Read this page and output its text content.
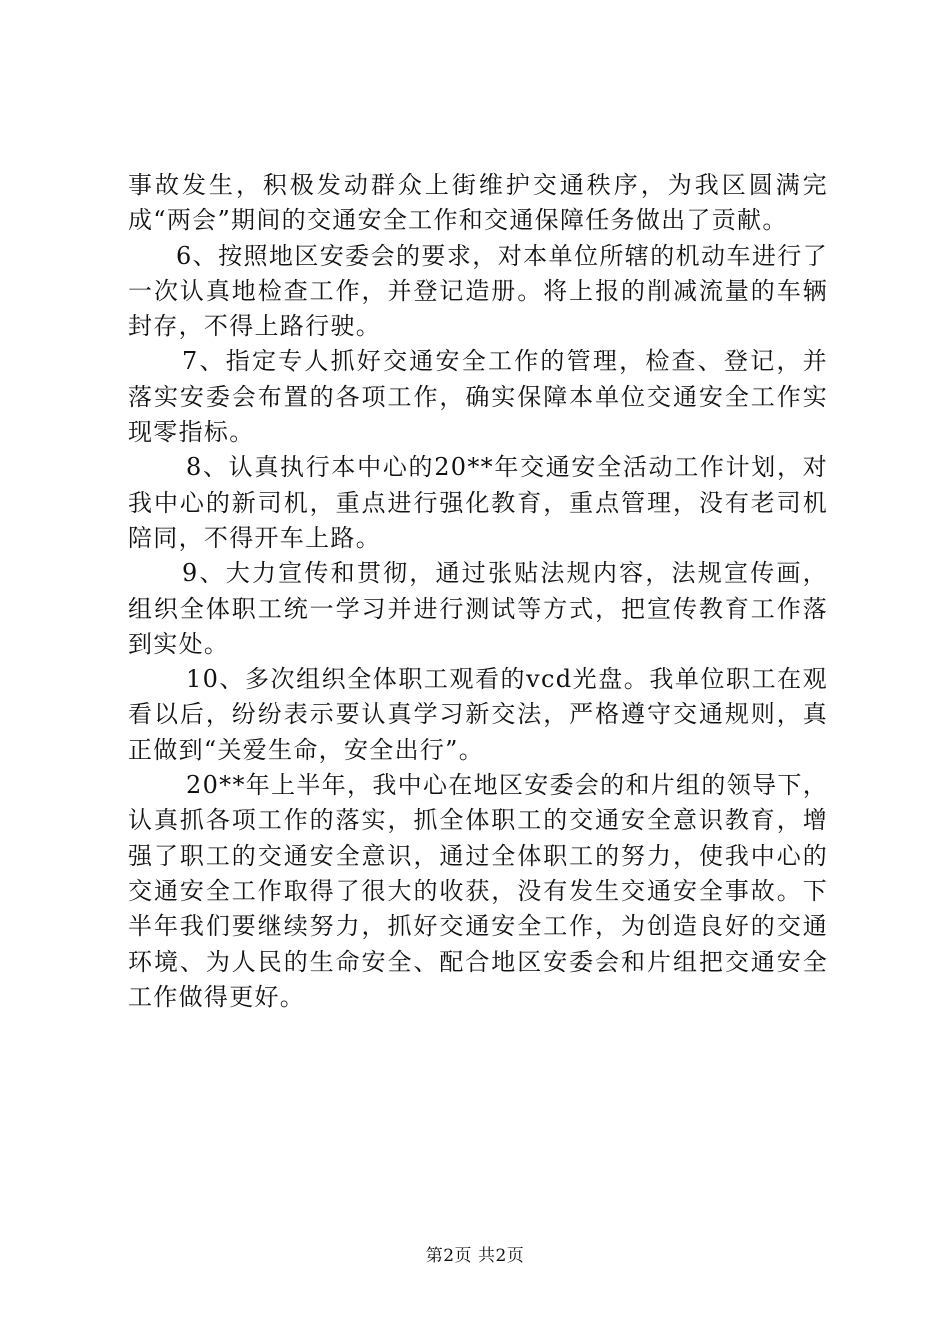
事故发生，积极发动群众上街维护交通秩序，为我区圆满完成“两会”期间的交通安全工作和交通保障任务做出了贡献。

6、按照地区安委会的要求，对本单位所辖的机动车进行了一次认真地检查工作，并登记造册。将上报的削减流量的车辆封存，不得上路行驶。

7、指定专人抓好交通安全工作的管理，检查、登记，并落实安委会布置的各项工作，确实保障本单位交通安全工作实现零指标。

8、认真执行本中心的20**年交通安全活动工作计划，对我中心的新司机，重点进行强化教育，重点管理，没有老司机陪同，不得开车上路。

9、大力宣传和贯彻，通过张贴法规内容，法规宣传画，组织全体职工统一学习并进行测试等方式，把宣传教育工作落到实处。

10、多次组织全体职工观看的vcd光盘。我单位职工在观看以后，纷纷表示要认真学习新交法，严格遵守交通规则，真正做到“关爱生命，安全出行”。

20**年上半年，我中心在地区安委会的和片组的领导下，认真抓各项工作的落实，抓全体职工的交通安全意识教育，增强了职工的交通安全意识，通过全体职工的努力，使我中心的交通安全工作取得了很大的收获，没有发生交通安全事故。下半年我们要继续努力，抓好交通安全工作，为创造良好的交通环境、为人民的生命安全、配合地区安委会和片组把交通安全工作做得更好。

第2页 共2页
